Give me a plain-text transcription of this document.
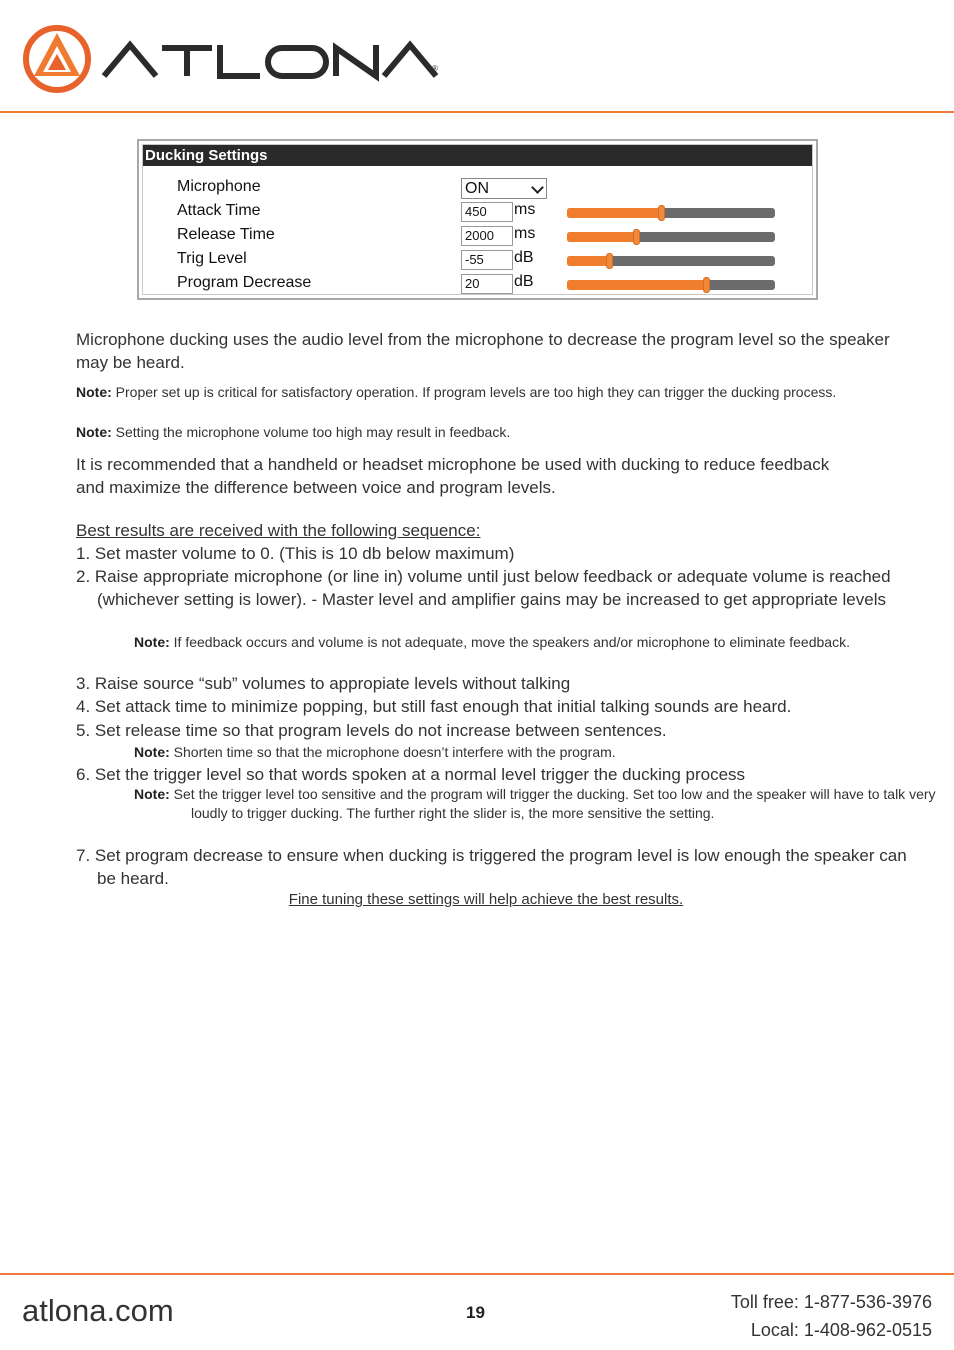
®
Ducking Settings
Microphone	ON
Attack Time	450	ms
Release Time	2000	ms
Trig Level	-55	dB
Program Decrease	20	dB
Microphone ducking uses the audio level from the microphone to decrease the program level so the speaker may be heard.
Note: Proper set up is critical for satisfactory operation. If program levels are too high they can trigger the ducking process.
Note: Setting the microphone volume too high may result in feedback.
It is recommended that a handheld or headset microphone be used with ducking to reduce feedback and maximize the difference between voice and program levels.
Best results are received with the following sequence:
1. Set master volume to 0. (This is 10 db below maximum)
2. Raise appropriate microphone (or line in) volume until just below feedback or adequate volume is reached (whichever setting is lower). - Master level and amplifier gains may be increased to get appropriate levels
Note: If feedback occurs and volume is not adequate, move the speakers and/or microphone to eliminate feedback.
3. Raise source “sub” volumes to appropiate levels without talking
4. Set attack time to minimize popping, but still fast enough that initial talking sounds are heard.
5. Set release time so that program levels do not increase between sentences.
Note: Shorten time so that the microphone doesn’t interfere with the program.
6. Set the trigger level so that words spoken at a normal level trigger the ducking process
Note: Set the trigger level too sensitive and the program will trigger the ducking. Set too low and the speaker will have to talk very loudly to trigger ducking. The further right the slider is, the more sensitive the setting.
7. Set program decrease to ensure when ducking is triggered the program level is low enough the speaker can be heard.
Fine tuning these settings will help achieve the best results.
atlona.com	19
Toll free: 1-877-536-3976
Local: 1-408-962-0515
